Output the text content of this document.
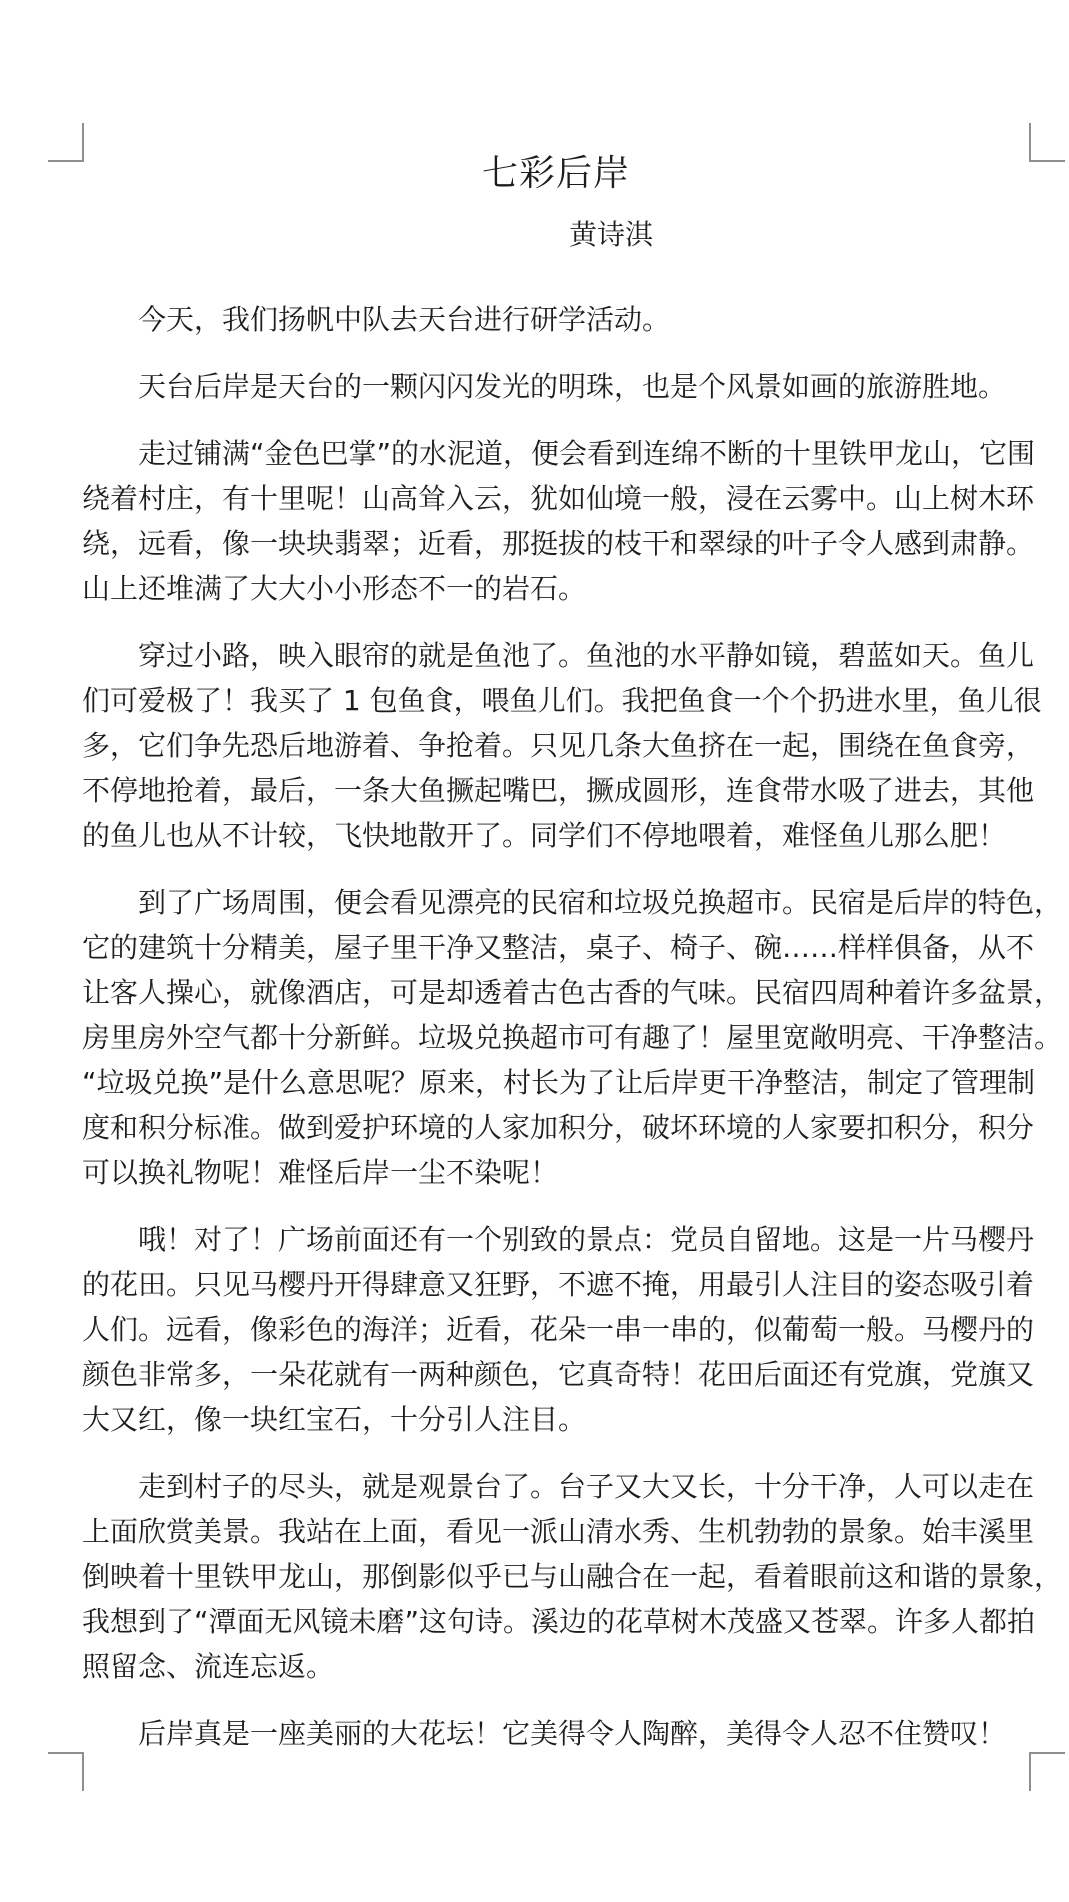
七彩后岸
黄诗淇
今天，我们扬帆中队去天台进行研学活动。
天台后岸是天台的一颗闪闪发光的明珠，也是个风景如画的旅游胜地。
走过铺满“金色巴掌”的水泥道，便会看到连绵不断的十里铁甲龙山，它围
绕着村庄，有十里呢！山高耸入云，犹如仙境一般，浸在云雾中。山上树木环
绕，远看，像一块块翡翠；近看，那挺拔的枝干和翠绿的叶子令人感到肃静。
山上还堆满了大大小小形态不一的岩石。
穿过小路，映入眼帘的就是鱼池了。鱼池的水平静如镜，碧蓝如天。鱼儿
们可爱极了！我买了 1 包鱼食，喂鱼儿们。我把鱼食一个个扔进水里，鱼儿很
多，它们争先恐后地游着、争抢着。只见几条大鱼挤在一起，围绕在鱼食旁，
不停地抢着，最后，一条大鱼撅起嘴巴，撅成圆形，连食带水吸了进去，其他
的鱼儿也从不计较，飞快地散开了。同学们不停地喂着，难怪鱼儿那么肥！
到了广场周围，便会看见漂亮的民宿和垃圾兑换超市。民宿是后岸的特色，
它的建筑十分精美，屋子里干净又整洁，桌子、椅子、碗……样样俱备，从不
让客人操心，就像酒店，可是却透着古色古香的气味。民宿四周种着许多盆景，
房里房外空气都十分新鲜。垃圾兑换超市可有趣了！屋里宽敞明亮、干净整洁。
“垃圾兑换”是什么意思呢？原来，村长为了让后岸更干净整洁，制定了管理制
度和积分标准。做到爱护环境的人家加积分，破坏环境的人家要扣积分，积分
可以换礼物呢！难怪后岸一尘不染呢！
哦！对了！广场前面还有一个别致的景点：党员自留地。这是一片马樱丹
的花田。只见马樱丹开得肆意又狂野，不遮不掩，用最引人注目的姿态吸引着
人们。远看，像彩色的海洋；近看，花朵一串一串的，似葡萄一般。马樱丹的
颜色非常多，一朵花就有一两种颜色，它真奇特！花田后面还有党旗，党旗又
大又红，像一块红宝石，十分引人注目。
走到村子的尽头，就是观景台了。台子又大又长，十分干净，人可以走在
上面欣赏美景。我站在上面，看见一派山清水秀、生机勃勃的景象。始丰溪里
倒映着十里铁甲龙山，那倒影似乎已与山融合在一起，看着眼前这和谐的景象，
我想到了“潭面无风镜未磨”这句诗。溪边的花草树木茂盛又苍翠。许多人都拍
照留念、流连忘返。
后岸真是一座美丽的大花坛！它美得令人陶醉，美得令人忍不住赞叹！
